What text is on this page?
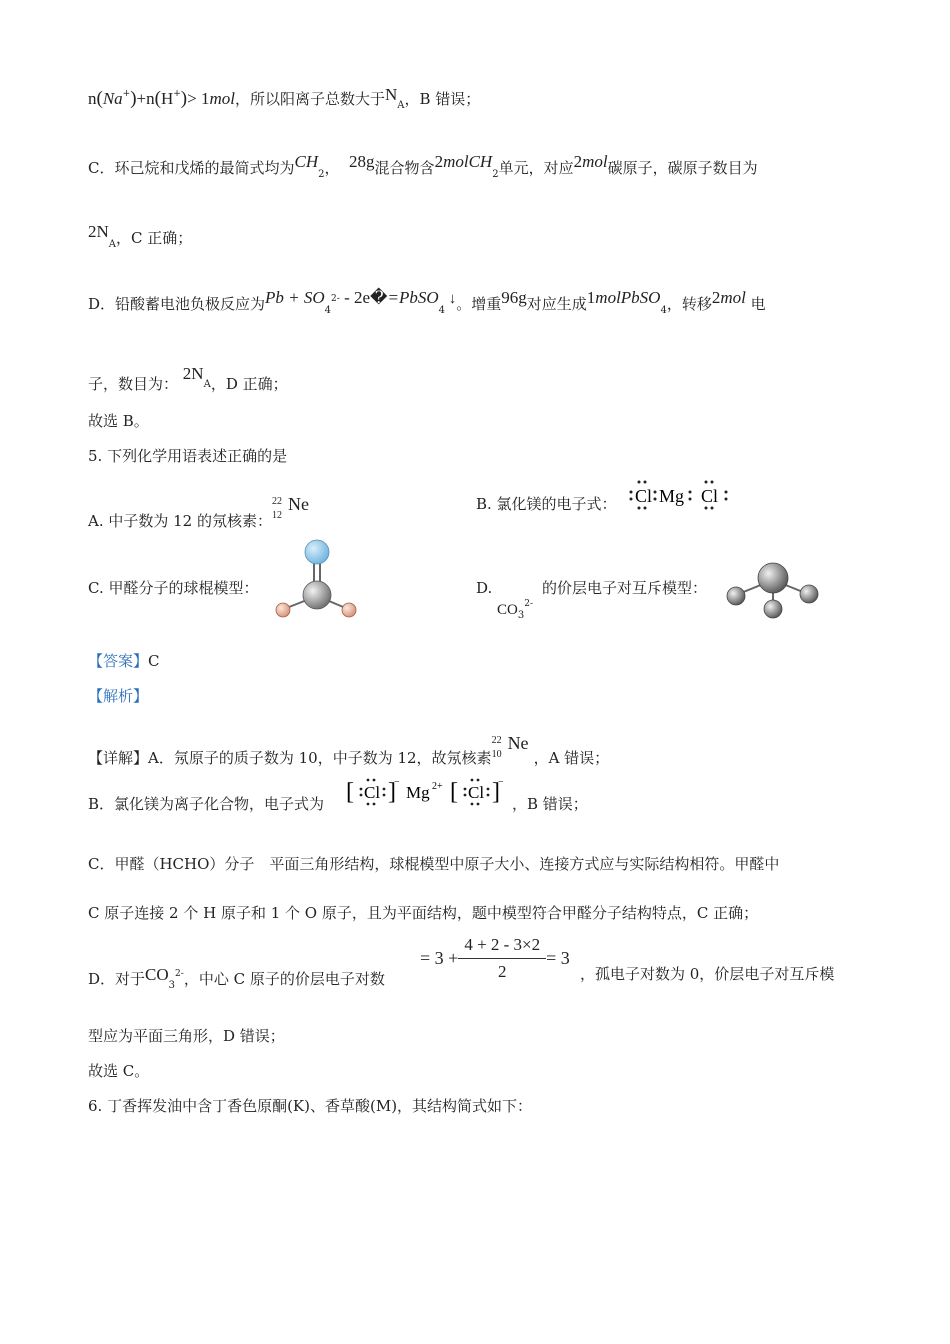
n(Na+)+n(H+)> 1mol，所以阳离子总数大于$N_A$，B 错误；
C．环己烷和戊烯的最简式均为$CH_2$， 28g混合物含2molCH$_2$单元，对应2mol碳原子，碳原子数目为
$2N_A$，C 正确；
D．铅酸蓄电池负极反应为$Pb + SO_4^{2-}$ - 2e�=PbSO$_4$ ↓。增重96g对应生成1molPbSO$_4$，转移2mol 电
子，数目为： $2N^A$，D 正确；
故选 B。
5. 下列化学用语表述正确的是
A. 中子数为 12 的氖核素：
22
12
Ne	B. 氯化镁的电子式： Cl Mg Cl
C. 甲醛分子的球棍模型：	D.
$CO_3^{2-}$
的价层电子对互斥模型：
【答案】C
【解析】
【详解】A．氖原子的质子数为 10，中子数为 12，故氖核素
22
10
Ne
，A 错误；
B．氯化镁为离子化合物，电子式为 [ Cl ]
−
Mg 2+ [ Cl ]
−
，B 错误；
C．甲醛（HCHO）分子　平面三角形结构，球棍模型中原子大小、连接方式应与实际结构相符。甲醛中
C 原子连接 2 个 H 原子和 1 个 O 原子，且为平面结构，题中模型符合甲醛分子结构特点，C 正确；
D．对于$CO_3^{2-}$，中心 C 原子的价层电子对数
= $3 + \frac{4 + 2 - 3\times 2}{2} = 3$
，孤电子对数为 0，价层电子对互斥模
型应为平面三角形，D 错误；
故选 C。
6. 丁香挥发油中含丁香色原酮(K)、香草酸(M)，其结构简式如下：
